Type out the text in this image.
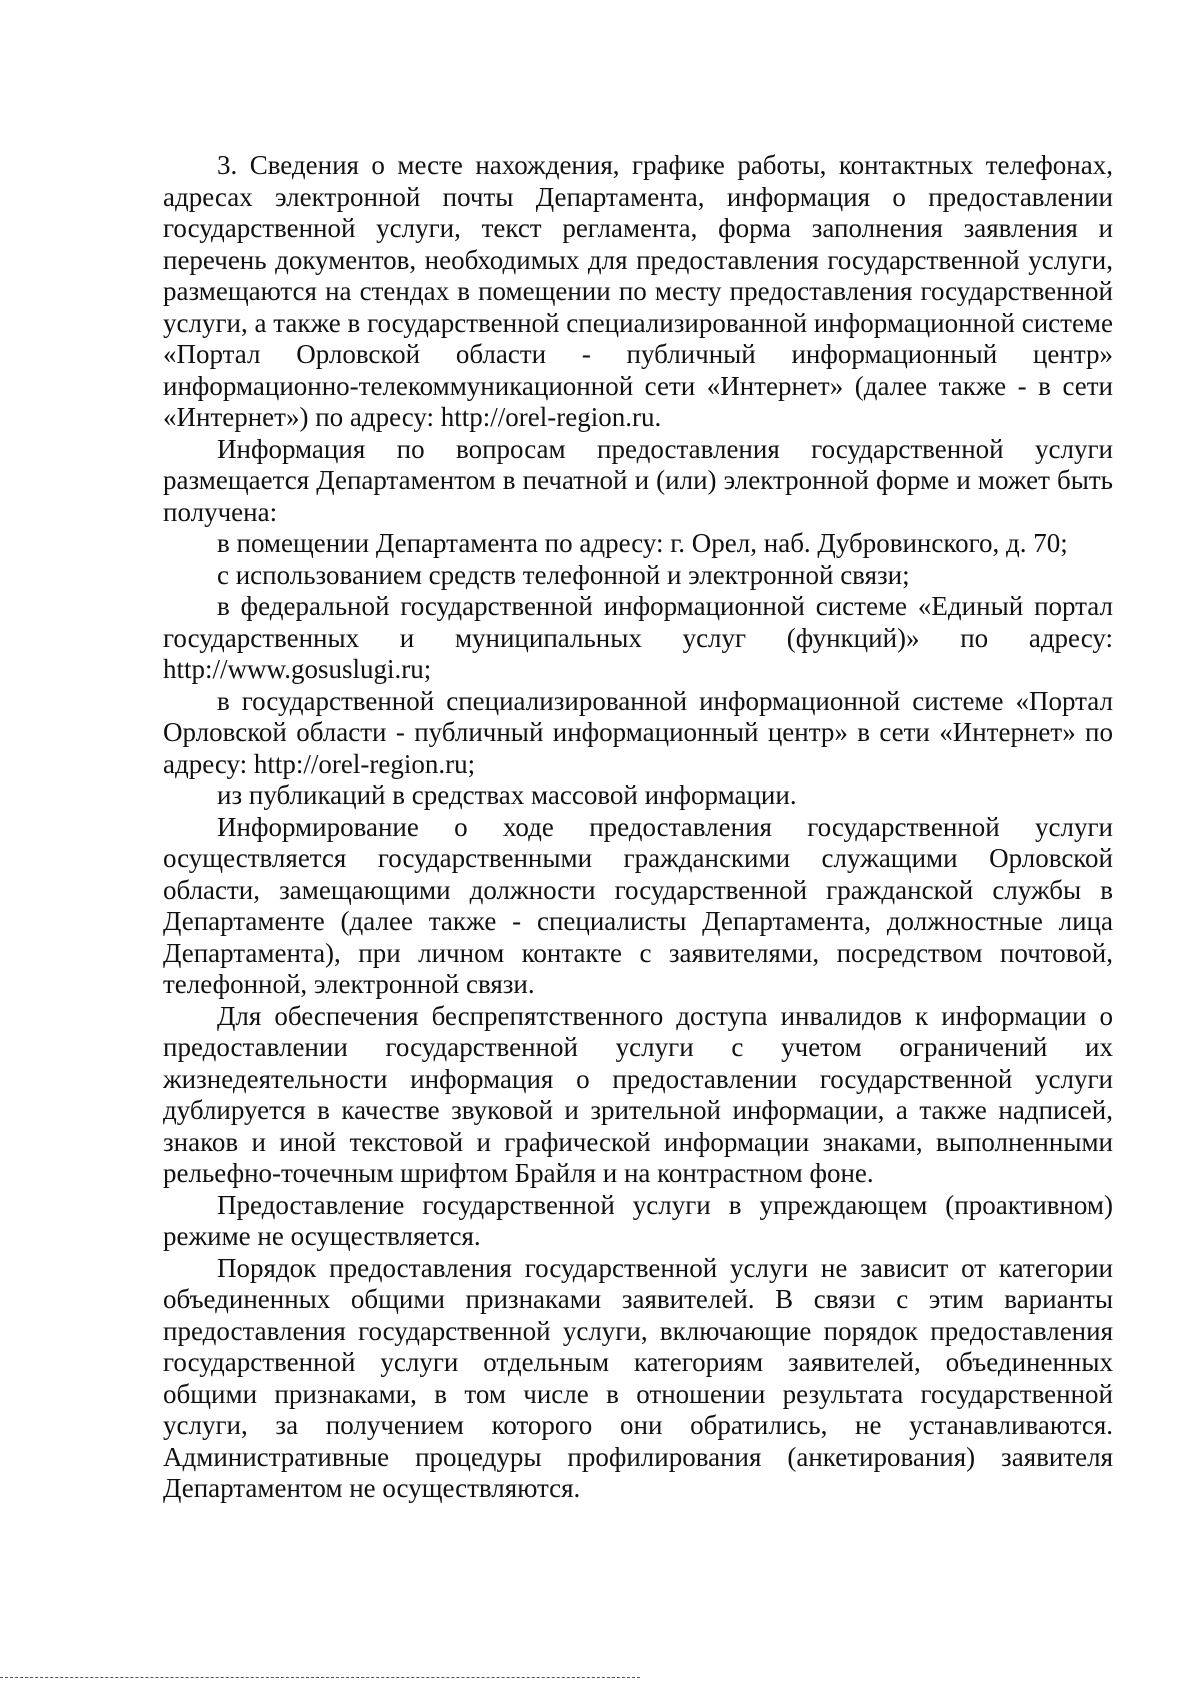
3. Сведения о месте нахождения, графике работы, контактных телефонах, адресах электронной почты Департамента, информация о предоставлении государственной услуги, текст регламента, форма заполнения заявления и перечень документов, необходимых для предоставления государственной услуги, размещаются на стендах в помещении по месту предоставления государственной услуги, а также в государственной специализированной информационной системе «Портал Орловской области - публичный информационный центр» информационно-телекоммуникационной сети «Интернет» (далее также - в сети «Интернет») по адресу: http://orel-region.ru.

Информация по вопросам предоставления государственной услуги размещается Департаментом в печатной и (или) электронной форме и может быть получена:

в помещении Департамента по адресу: г. Орел, наб. Дубровинского, д. 70;

с использованием средств телефонной и электронной связи;

в федеральной государственной информационной системе «Единый портал государственных и муниципальных услуг (функций)» по адресу: http://www.gosuslugi.ru;

в государственной специализированной информационной системе «Портал Орловской области - публичный информационный центр» в сети «Интернет» по адресу: http://orel-region.ru;

из публикаций в средствах массовой информации.

Информирование о ходе предоставления государственной услуги осуществляется государственными гражданскими служащими Орловской области, замещающими должности государственной гражданской службы в Департаменте (далее также - специалисты Департамента, должностные лица Департамента), при личном контакте с заявителями, посредством почтовой, телефонной, электронной связи.

Для обеспечения беспрепятственного доступа инвалидов к информации о предоставлении государственной услуги с учетом ограничений их жизнедеятельности информация о предоставлении государственной услуги дублируется в качестве звуковой и зрительной информации, а также надписей, знаков и иной текстовой и графической информации знаками, выполненными рельефно-точечным шрифтом Брайля и на контрастном фоне.

Предоставление государственной услуги в упреждающем (проактивном) режиме не осуществляется.

Порядок предоставления государственной услуги не зависит от категории объединенных общими признаками заявителей. В связи с этим варианты предоставления государственной услуги, включающие порядок предоставления государственной услуги отдельным категориям заявителей, объединенных общими признаками, в том числе в отношении результата государственной услуги, за получением которого они обратились, не устанавливаются. Административные процедуры профилирования (анкетирования) заявителя Департаментом не осуществляются.
